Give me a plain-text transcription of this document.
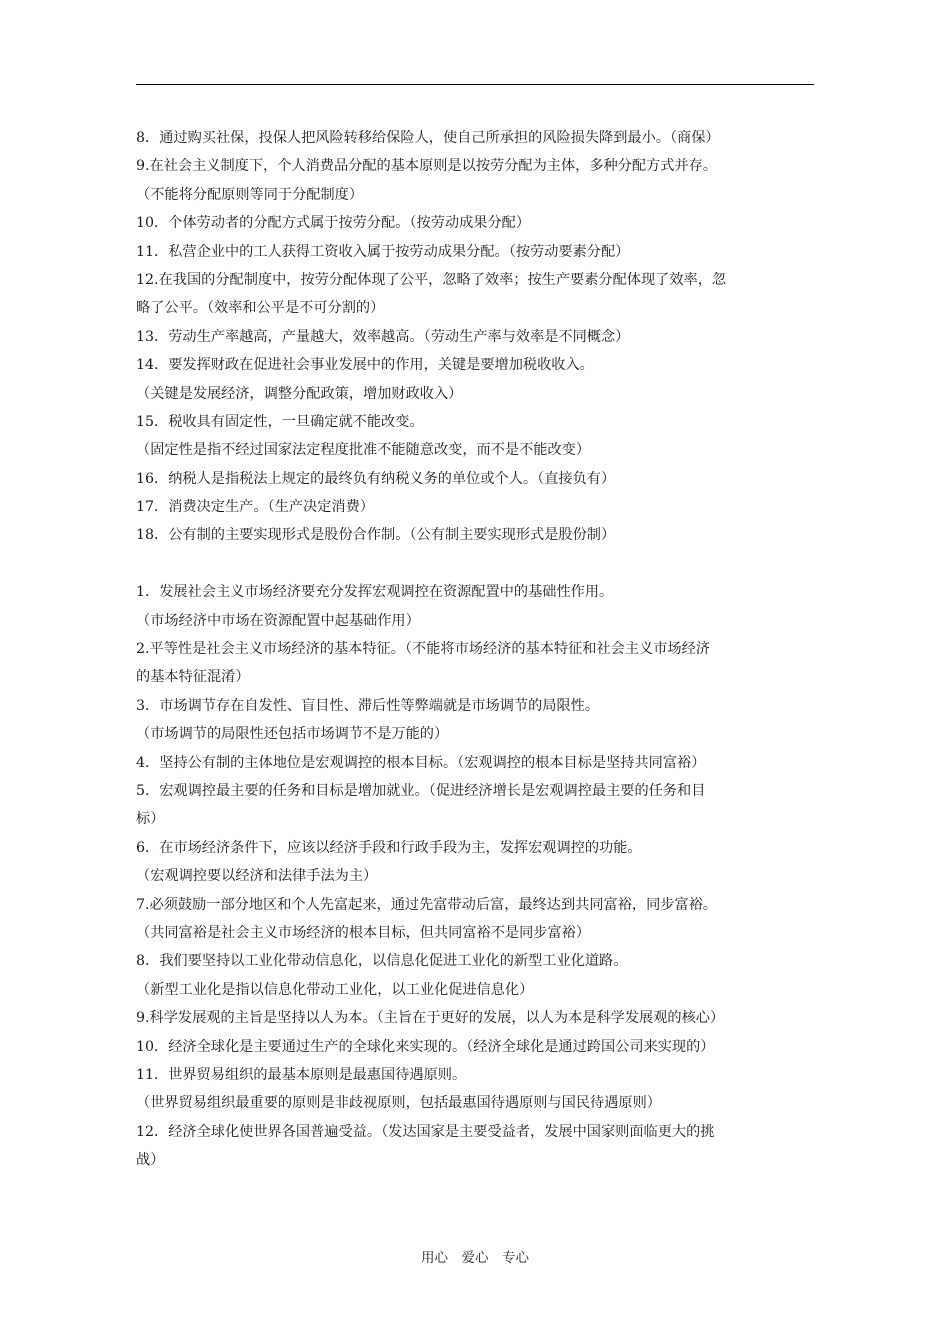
8．通过购买社保，投保人把风险转移给保险人，使自己所承担的风险损失降到最小。（商保）
9.在社会主义制度下，个人消费品分配的基本原则是以按劳分配为主体，多种分配方式并存。
（不能将分配原则等同于分配制度）
10．个体劳动者的分配方式属于按劳分配。（按劳动成果分配）
11．私营企业中的工人获得工资收入属于按劳动成果分配。（按劳动要素分配）
12.在我国的分配制度中，按劳分配体现了公平，忽略了效率；按生产要素分配体现了效率，忽
略了公平。（效率和公平是不可分割的）
13．劳动生产率越高，产量越大，效率越高。（劳动生产率与效率是不同概念）
14．要发挥财政在促进社会事业发展中的作用，关键是要增加税收收入。
（关键是发展经济，调整分配政策，增加财政收入）
15．税收具有固定性，一旦确定就不能改变。
（固定性是指不经过国家法定程度批准不能随意改变，而不是不能改变）
16．纳税人是指税法上规定的最终负有纳税义务的单位或个人。（直接负有）
17．消费决定生产。（生产决定消费）
18．公有制的主要实现形式是股份合作制。（公有制主要实现形式是股份制）
1．发展社会主义市场经济要充分发挥宏观调控在资源配置中的基础性作用。
（市场经济中市场在资源配置中起基础作用）
2.平等性是社会主义市场经济的基本特征。（不能将市场经济的基本特征和社会主义市场经济
的基本特征混淆）
3．市场调节存在自发性、盲目性、滞后性等弊端就是市场调节的局限性。
（市场调节的局限性还包括市场调节不是万能的）
4．坚持公有制的主体地位是宏观调控的根本目标。（宏观调控的根本目标是坚持共同富裕）
5．宏观调控最主要的任务和目标是增加就业。（促进经济增长是宏观调控最主要的任务和目
标）
6．在市场经济条件下，应该以经济手段和行政手段为主，发挥宏观调控的功能。
（宏观调控要以经济和法律手法为主）
7.必须鼓励一部分地区和个人先富起来，通过先富带动后富，最终达到共同富裕，同步富裕。
（共同富裕是社会主义市场经济的根本目标，但共同富裕不是同步富裕）
8．我们要坚持以工业化带动信息化，以信息化促进工业化的新型工业化道路。
（新型工业化是指以信息化带动工业化，以工业化促进信息化）
9.科学发展观的主旨是坚持以人为本。（主旨在于更好的发展，以人为本是科学发展观的核心）
10．经济全球化是主要通过生产的全球化来实现的。（经济全球化是通过跨国公司来实现的）
11．世界贸易组织的最基本原则是最惠国待遇原则。
（世界贸易组织最重要的原则是非歧视原则，包括最惠国待遇原则与国民待遇原则）
12．经济全球化使世界各国普遍受益。（发达国家是主要受益者，发展中国家则面临更大的挑
战）
用心　爱心　专心
